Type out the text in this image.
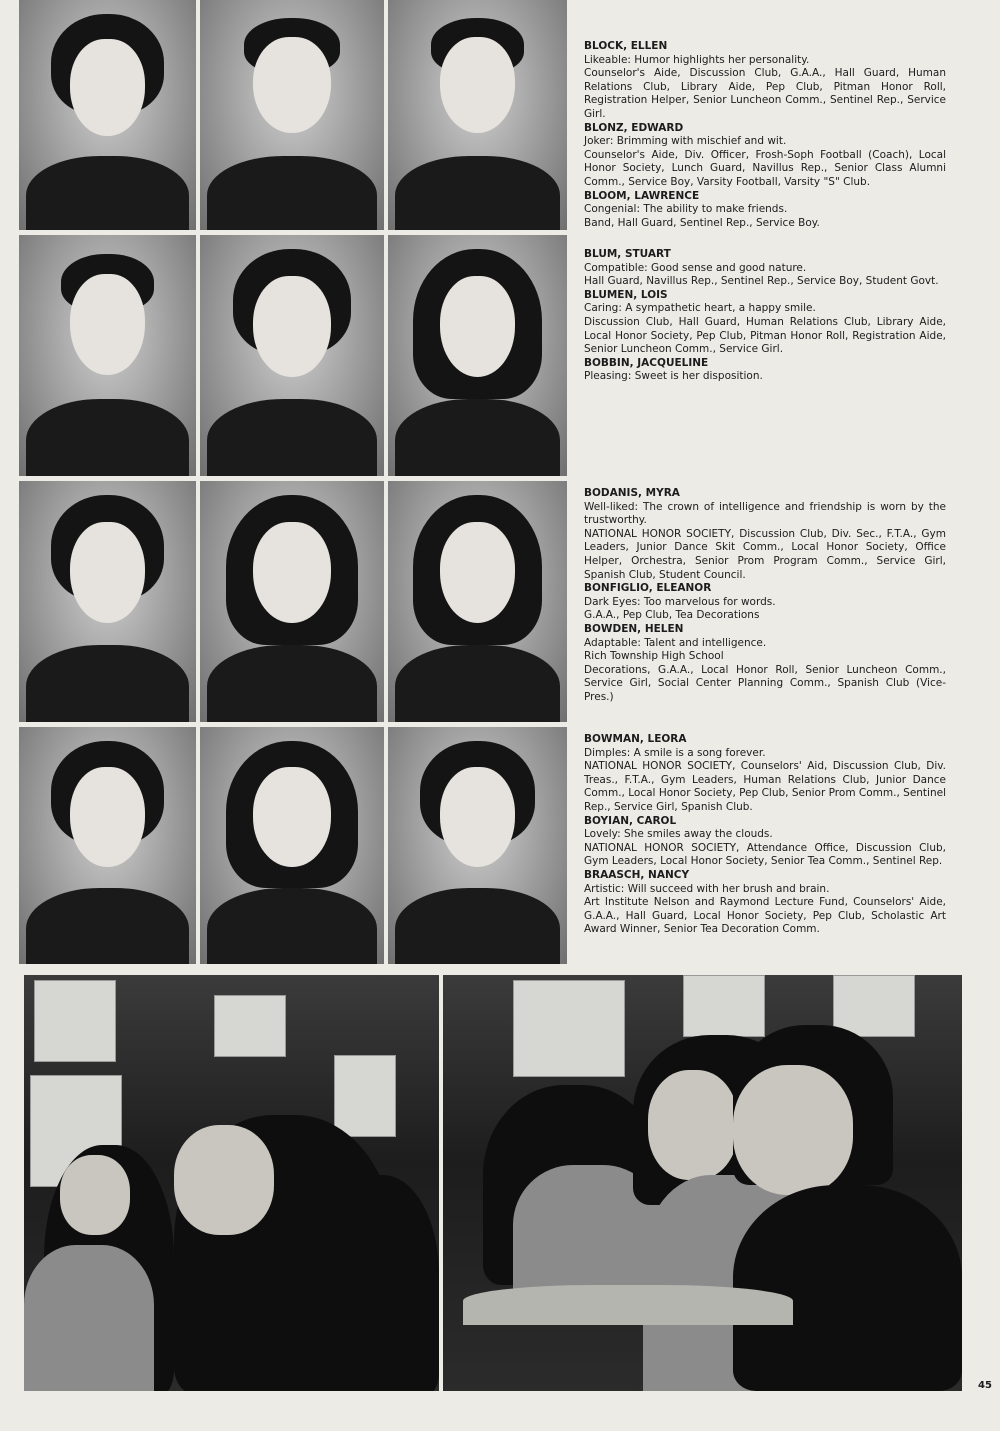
BLOCK, ELLEN

Likeable: Humor highlights her personality.

Counselor's Aide, Discussion Club, G.A.A., Hall Guard, Human Relations Club, Library Aide, Pep Club, Pitman Honor Roll, Registration Helper, Senior Luncheon Comm., Sentinel Rep., Service Girl.

BLONZ, EDWARD

Joker: Brimming with mischief and wit.

Counselor's Aide, Div. Officer, Frosh-Soph Football (Coach), Local Honor Society, Lunch Guard, Navillus Rep., Senior Class Alumni Comm., Service Boy, Varsity Football, Varsity "S" Club.

BLOOM, LAWRENCE

Congenial: The ability to make friends.

Band, Hall Guard, Sentinel Rep., Service Boy.

BLUM, STUART

Compatible: Good sense and good nature.

Hall Guard, Navillus Rep., Sentinel Rep., Service Boy, Student Govt.

BLUMEN, LOIS

Caring: A sympathetic heart, a happy smile.

Discussion Club, Hall Guard, Human Relations Club, Library Aide, Local Honor Society, Pep Club, Pitman Honor Roll, Registration Aide, Senior Luncheon Comm., Service Girl.

BOBBIN, JACQUELINE

Pleasing: Sweet is her disposition.

BODANIS, MYRA

Well-liked: The crown of intelligence and friendship is worn by the trustworthy.

NATIONAL HONOR SOCIETY, Discussion Club, Div. Sec., F.T.A., Gym Leaders, Junior Dance Skit Comm., Local Honor Society, Office Helper, Orchestra, Senior Prom Program Comm., Service Girl, Spanish Club, Student Council.

BONFIGLIO, ELEANOR

Dark Eyes: Too marvelous for words.

G.A.A., Pep Club, Tea Decorations

BOWDEN, HELEN

Adaptable: Talent and intelligence.

Rich Township High School

Decorations, G.A.A., Local Honor Roll, Senior Luncheon Comm., Service Girl, Social Center Planning Comm., Spanish Club (Vice-Pres.)

BOWMAN, LEORA

Dimples: A smile is a song forever.

NATIONAL HONOR SOCIETY, Counselors' Aid, Discussion Club, Div. Treas., F.T.A., Gym Leaders, Human Relations Club, Junior Dance Comm., Local Honor Society, Pep Club, Senior Prom Comm., Sentinel Rep., Service Girl, Spanish Club.

BOYIAN, CAROL

Lovely: She smiles away the clouds.

NATIONAL HONOR SOCIETY, Attendance Office, Discussion Club, Gym Leaders, Local Honor Society, Senior Tea Comm., Sentinel Rep.

BRAASCH, NANCY

Artistic: Will succeed with her brush and brain.

Art Institute Nelson and Raymond Lecture Fund, Counselors' Aide, G.A.A., Hall Guard, Local Honor Society, Pep Club, Scholastic Art Award Winner, Senior Tea Decoration Comm.

45
